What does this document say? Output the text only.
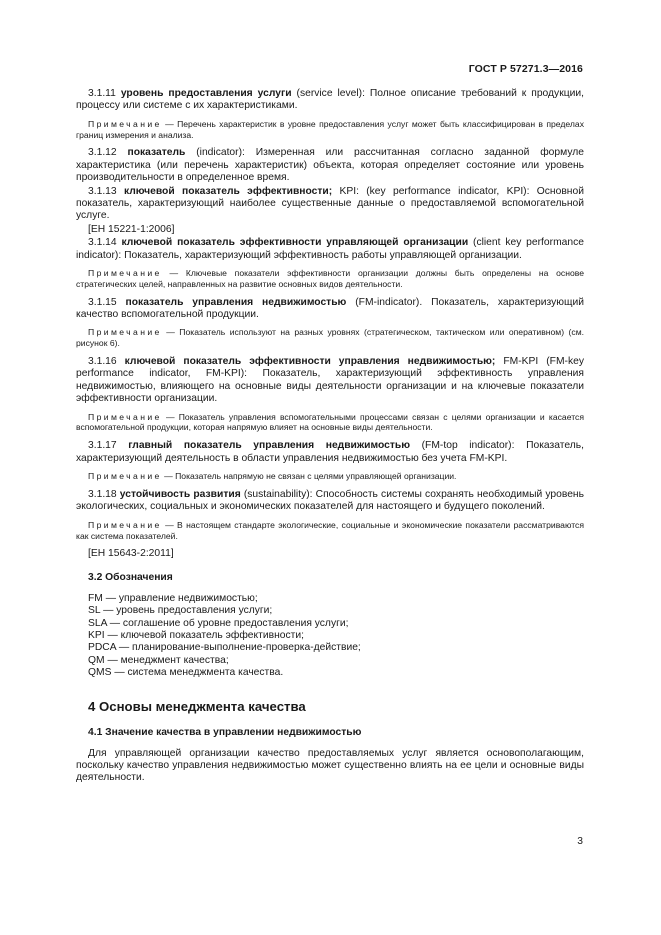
ГОСТ Р 57271.3—2016

3.1.11 уровень предоставления услуги (service level): Полное описание требований к продукции, процессу или системе с их характеристиками.

Примечание — Перечень характеристик в уровне предоставления услуг может быть классифицирован в пределах границ измерения и анализа.

3.1.12 показатель (indicator): Измеренная или рассчитанная согласно заданной формуле характеристика (или перечень характеристик) объекта, которая определяет состояние или уровень производительности в определенное время.

3.1.13 ключевой показатель эффективности; KPI: (key performance indicator, KPI): Основной показатель, характеризующий наиболее существенные данные о предоставляемой вспомогательной услуге.

[ЕН 15221-1:2006]

3.1.14 ключевой показатель эффективности управляющей организации (client key performance indicator): Показатель, характеризующий эффективность работы управляющей организации.

Примечание — Ключевые показатели эффективности организации должны быть определены на основе стратегических целей, направленных на развитие основных видов деятельности.

3.1.15 показатель управления недвижимостью (FM-indicator). Показатель, характеризующий качество вспомогательной продукции.

Примечание — Показатель используют на разных уровнях (стратегическом, тактическом или оперативном) (см. рисунок 6).

3.1.16 ключевой показатель эффективности управления недвижимостью; FM-KPI (FM-key performance indicator, FM-KPI): Показатель, характеризующий эффективность управления недвижимостью, влияющего на основные виды деятельности организации и на ключевые показатели эффективности организации.

Примечание — Показатель управления вспомогательными процессами связан с целями организации и касается вспомогательной продукции, которая напрямую влияет на основные виды деятельности.

3.1.17 главный показатель управления недвижимостью (FM-top indicator): Показатель, характеризующий деятельность в области управления недвижимостью без учета FM-KPI.

Примечание — Показатель напрямую не связан с целями управляющей организации.

3.1.18 устойчивость развития (sustainability): Способность системы сохранять необходимый уровень экологических, социальных и экономических показателей для настоящего и будущего поколений.

Примечание — В настоящем стандарте экологические, социальные и экономические показатели рассматриваются как система показателей.

[ЕН 15643-2:2011]

3.2 Обозначения
FM — управление недвижимостью;
SL — уровень предоставления услуги;
SLA — соглашение об уровне предоставления услуги;
KPI — ключевой показатель эффективности;
PDCA — планирование-выполнение-проверка-действие;
QM — менеджмент качества;
QMS — система менеджмента качества.
4 Основы менеджмента качества
4.1 Значение качества в управлении недвижимостью

Для управляющей организации качество предоставляемых услуг является основополагающим, поскольку качество управления недвижимостью может существенно влиять на ее цели и основные виды деятельности.

3
